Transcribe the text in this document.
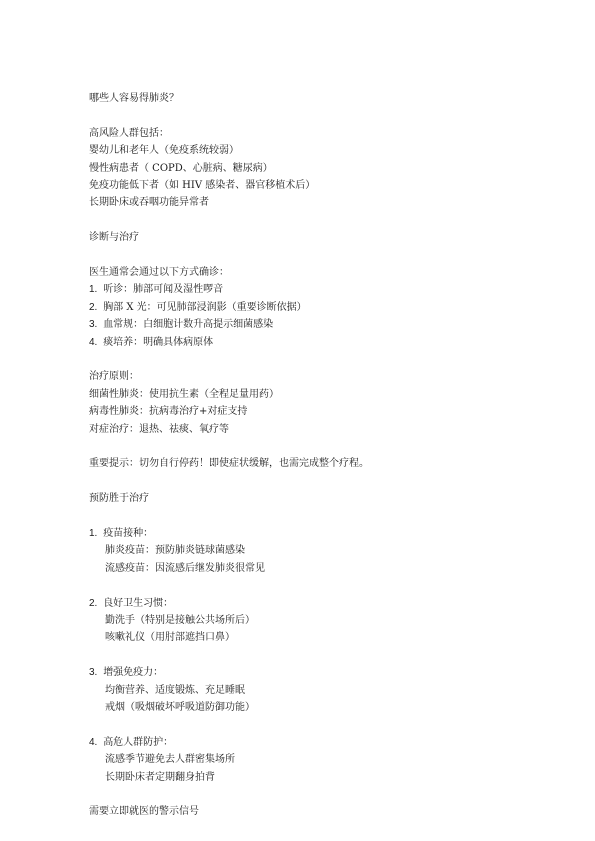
哪些人容易得肺炎？

高风险人群包括：

婴幼儿和老年人（免疫系统较弱）

慢性病患者（ COPD、心脏病、糖尿病）

免疫功能低下者（如 HIV 感染者、器官移植术后）

长期卧床或吞咽功能异常者

诊断与治疗

医生通常会通过以下方式确诊：

1. 听诊：肺部可闻及湿性啰音

2. 胸部 X 光：可见肺部浸润影（重要诊断依据）

3. 血常规：白细胞计数升高提示细菌感染

4. 痰培养：明确具体病原体

治疗原则：

细菌性肺炎：使用抗生素（全程足量用药）

病毒性肺炎：抗病毒治疗+对症支持

对症治疗：退热、祛痰、氧疗等

重要提示：切勿自行停药！即使症状缓解，也需完成整个疗程。

预防胜于治疗

1. 疫苗接种：

肺炎疫苗：预防肺炎链球菌感染

流感疫苗：因流感后继发肺炎很常见

2. 良好卫生习惯：

勤洗手（特别是接触公共场所后）

咳嗽礼仪（用肘部遮挡口鼻）

3. 增强免疫力：

均衡营养、适度锻炼、充足睡眠

戒烟（吸烟破坏呼吸道防御功能）

4. 高危人群防护：

流感季节避免去人群密集场所

长期卧床者定期翻身拍背

需要立即就医的警示信号
